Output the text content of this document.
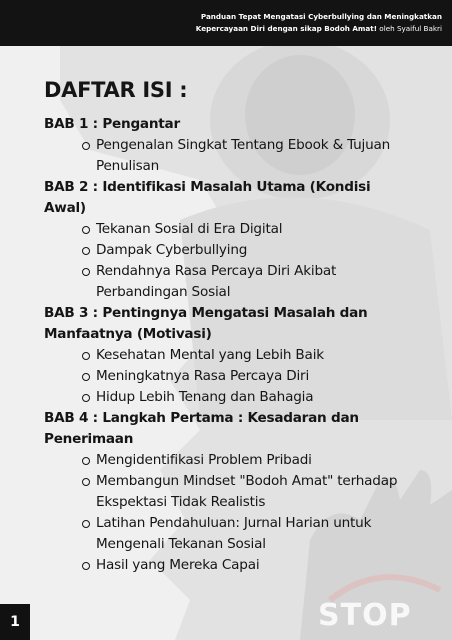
STOP
Panduan Tepat Mengatasi Cyberbullying dan Meningkatkan Kepercayaan Diri dengan sikap Bodoh Amat! oleh Syaiful Bakri
DAFTAR ISI :
BAB 1 : Pengantar
Pengenalan Singkat Tentang Ebook & Tujuan Penulisan
BAB 2 : Identifikasi Masalah Utama (Kondisi Awal)
Tekanan Sosial di Era Digital
Dampak Cyberbullying
Rendahnya Rasa Percaya Diri Akibat Perbandingan Sosial
BAB 3 : Pentingnya Mengatasi Masalah dan Manfaatnya (Motivasi)
Kesehatan Mental yang Lebih Baik
Meningkatnya Rasa Percaya Diri
Hidup Lebih Tenang dan Bahagia
BAB 4 : Langkah Pertama : Kesadaran dan Penerimaan
Mengidentifikasi Problem Pribadi
Membangun Mindset "Bodoh Amat" terhadap Ekspektasi Tidak Realistis
Latihan Pendahuluan: Jurnal Harian untuk Mengenali Tekanan Sosial
Hasil yang Mereka Capai
1
